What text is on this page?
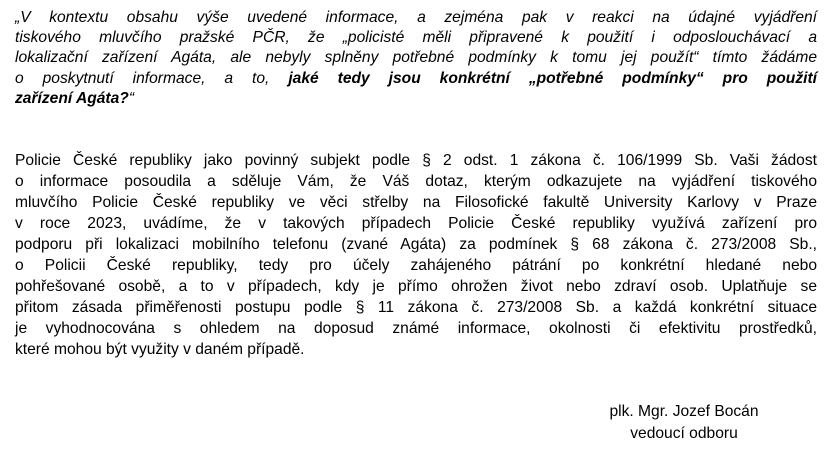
„V kontextu obsahu výše uvedené informace, a zejména pak v reakci na údajné vyjádření
tiskového mluvčího pražské PČR, že „policisté měli připravené k použití i odposlouchávací a
lokalizační zařízení Agáta, ale nebyly splněny potřebné podmínky k tomu jej použít“ tímto žádáme
o poskytnutí informace, a to, jaké tedy jsou konkrétní „potřebné podmínky“ pro použití
zařízení Agáta?“
Policie České republiky jako povinný subjekt podle § 2 odst. 1 zákona č. 106/1999 Sb. Vaši žádost
o informace posoudila a sděluje Vám, že Váš dotaz, kterým odkazujete na vyjádření tiskového
mluvčího Policie České republiky ve věci střelby na Filosofické fakultě University Karlovy v Praze
v roce 2023, uvádíme, že v takových případech Policie České republiky využívá zařízení pro
podporu při lokalizaci mobilního telefonu (zvané Agáta) za podmínek § 68 zákona č. 273/2008 Sb.,
o Policii České republiky, tedy pro účely zahájeného pátrání po konkrétní hledané nebo
pohřešované osobě, a to v případech, kdy je přímo ohrožen život nebo zdraví osob. Uplatňuje se
přitom zásada přiměřenosti postupu podle § 11 zákona č. 273/2008 Sb. a každá konkrétní situace
je vyhodnocována s ohledem na doposud známé informace, okolnosti či efektivitu prostředků,
které mohou být využity v daném případě.
plk. Mgr. Jozef Bocán
vedoucí odboru
